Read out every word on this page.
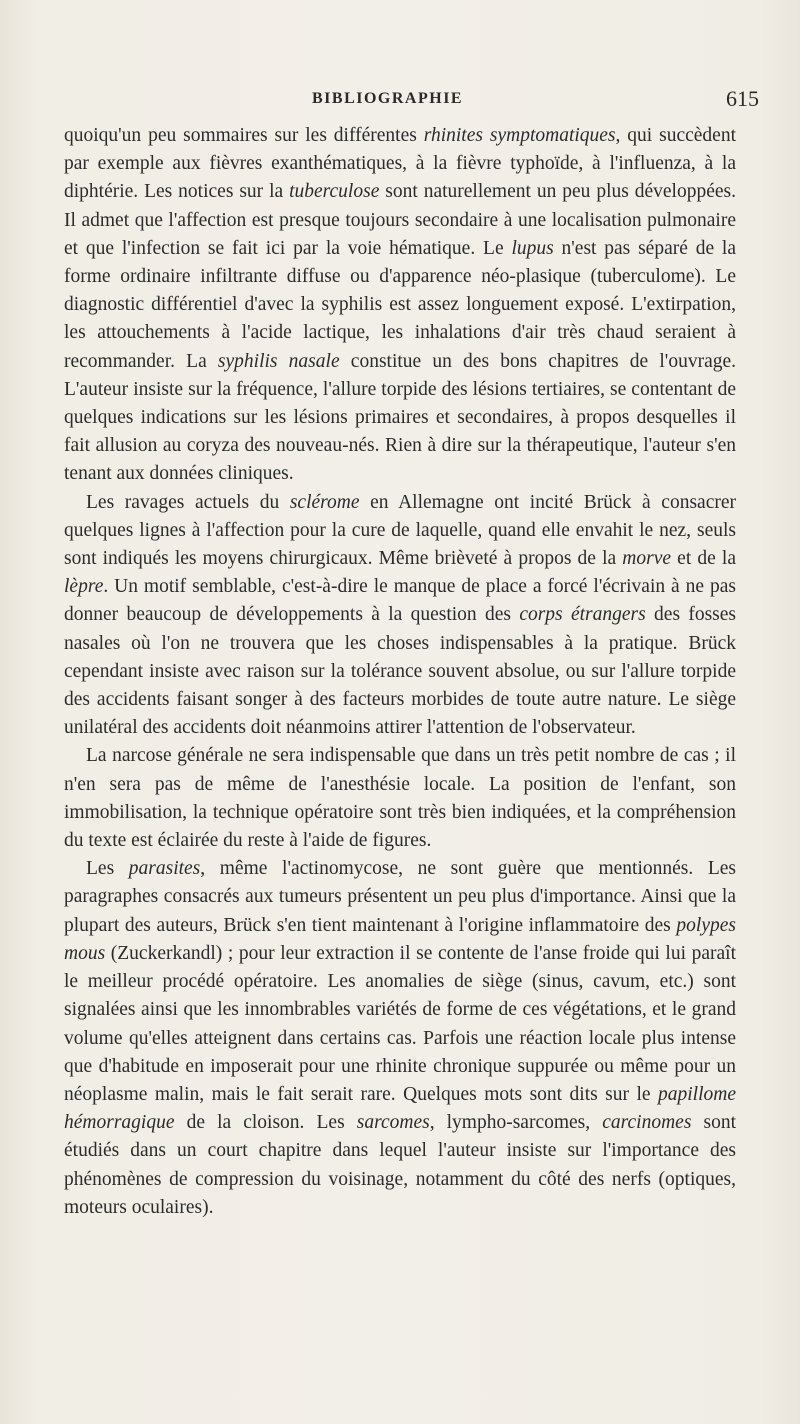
BIBLIOGRAPHIE	615

quoiqu'un peu sommaires sur les différentes rhinites symptomatiques, qui succèdent par exemple aux fièvres exanthématiques, à la fièvre typhoïde, à l'influenza, à la diphtérie. Les notices sur la tuberculose sont naturellement un peu plus développées. Il admet que l'affection est presque toujours secondaire à une localisation pulmonaire et que l'infection se fait ici par la voie hématique. Le lupus n'est pas séparé de la forme ordinaire infiltrante diffuse ou d'apparence néo-plasique (tuberculome). Le diagnostic différentiel d'avec la syphilis est assez longuement exposé. L'extirpation, les attouchements à l'acide lactique, les inhalations d'air très chaud seraient à recommander. La syphilis nasale constitue un des bons chapitres de l'ouvrage. L'auteur insiste sur la fréquence, l'allure torpide des lésions tertiaires, se contentant de quelques indications sur les lésions primaires et secondaires, à propos desquelles il fait allusion au coryza des nouveau-nés. Rien à dire sur la thérapeutique, l'auteur s'en tenant aux données cliniques.

Les ravages actuels du sclérome en Allemagne ont incité Brück à consacrer quelques lignes à l'affection pour la cure de laquelle, quand elle envahit le nez, seuls sont indiqués les moyens chirurgicaux. Même brièveté à propos de la morve et de la lèpre. Un motif semblable, c'est-à-dire le manque de place a forcé l'écrivain à ne pas donner beaucoup de développements à la question des corps étrangers des fosses nasales où l'on ne trouvera que les choses indispensables à la pratique. Brück cependant insiste avec raison sur la tolérance souvent absolue, ou sur l'allure torpide des accidents faisant songer à des facteurs morbides de toute autre nature. Le siège unilatéral des accidents doit néanmoins attirer l'attention de l'observateur.

La narcose générale ne sera indispensable que dans un très petit nombre de cas ; il n'en sera pas de même de l'anesthésie locale. La position de l'enfant, son immobilisation, la technique opératoire sont très bien indiquées, et la compréhension du texte est éclairée du reste à l'aide de figures.

Les parasites, même l'actinomycose, ne sont guère que mentionnés. Les paragraphes consacrés aux tumeurs présentent un peu plus d'importance. Ainsi que la plupart des auteurs, Brück s'en tient maintenant à l'origine inflammatoire des polypes mous (Zuckerkandl) ; pour leur extraction il se contente de l'anse froide qui lui paraît le meilleur procédé opératoire. Les anomalies de siège (sinus, cavum, etc.) sont signalées ainsi que les innombrables variétés de forme de ces végétations, et le grand volume qu'elles atteignent dans certains cas. Parfois une réaction locale plus intense que d'habitude en imposerait pour une rhinite chronique suppurée ou même pour un néoplasme malin, mais le fait serait rare. Quelques mots sont dits sur le papillome hémorragique de la cloison. Les sarcomes, lympho-sarcomes, carcinomes sont étudiés dans un court chapitre dans lequel l'auteur insiste sur l'importance des phénomènes de compression du voisinage, notamment du côté des nerfs (optiques, moteurs oculaires).
